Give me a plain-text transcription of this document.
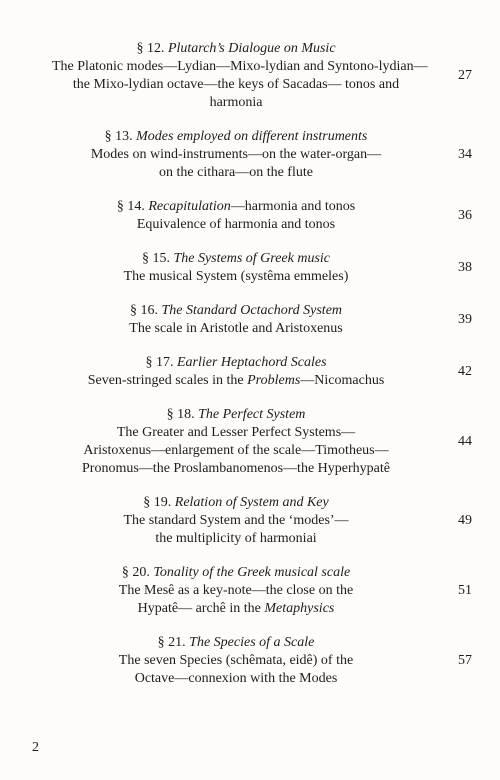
§ 12. Plutarch’s Dialogue on Music
The Platonic modes—Lydian—Mixo-lydian and Syntono-lydian—
the Mixo-lydian octave—the keys of Sacadas— tonos and
harmonia
27
§ 13. Modes employed on different instruments
Modes on wind-instruments—on the water-organ—
on the cithara—on the flute
34
§ 14. Recapitulation—harmonia and tonos
Equivalence of harmonia and tonos
36
§ 15. The Systems of Greek music
The musical System (systêma emmeles)
38
§ 16. The Standard Octachord System
The scale in Aristotle and Aristoxenus
39
§ 17. Earlier Heptachord Scales
Seven-stringed scales in the Problems—Nicomachus
42
§ 18. The Perfect System
The Greater and Lesser Perfect Systems—
Aristoxenus—enlargement of the scale—Timotheus—
Pronomus—the Proslambanomenos—the Hyperhypatê
44
§ 19. Relation of System and Key
The standard System and the ‘modes’—
the multiplicity of harmoniai
49
§ 20. Tonality of the Greek musical scale
The Mesê as a key-note—the close on the
Hypatê— archê in the Metaphysics
51
§ 21. The Species of a Scale
The seven Species (schêmata, eidê) of the
Octave—connexion with the Modes
57
2
